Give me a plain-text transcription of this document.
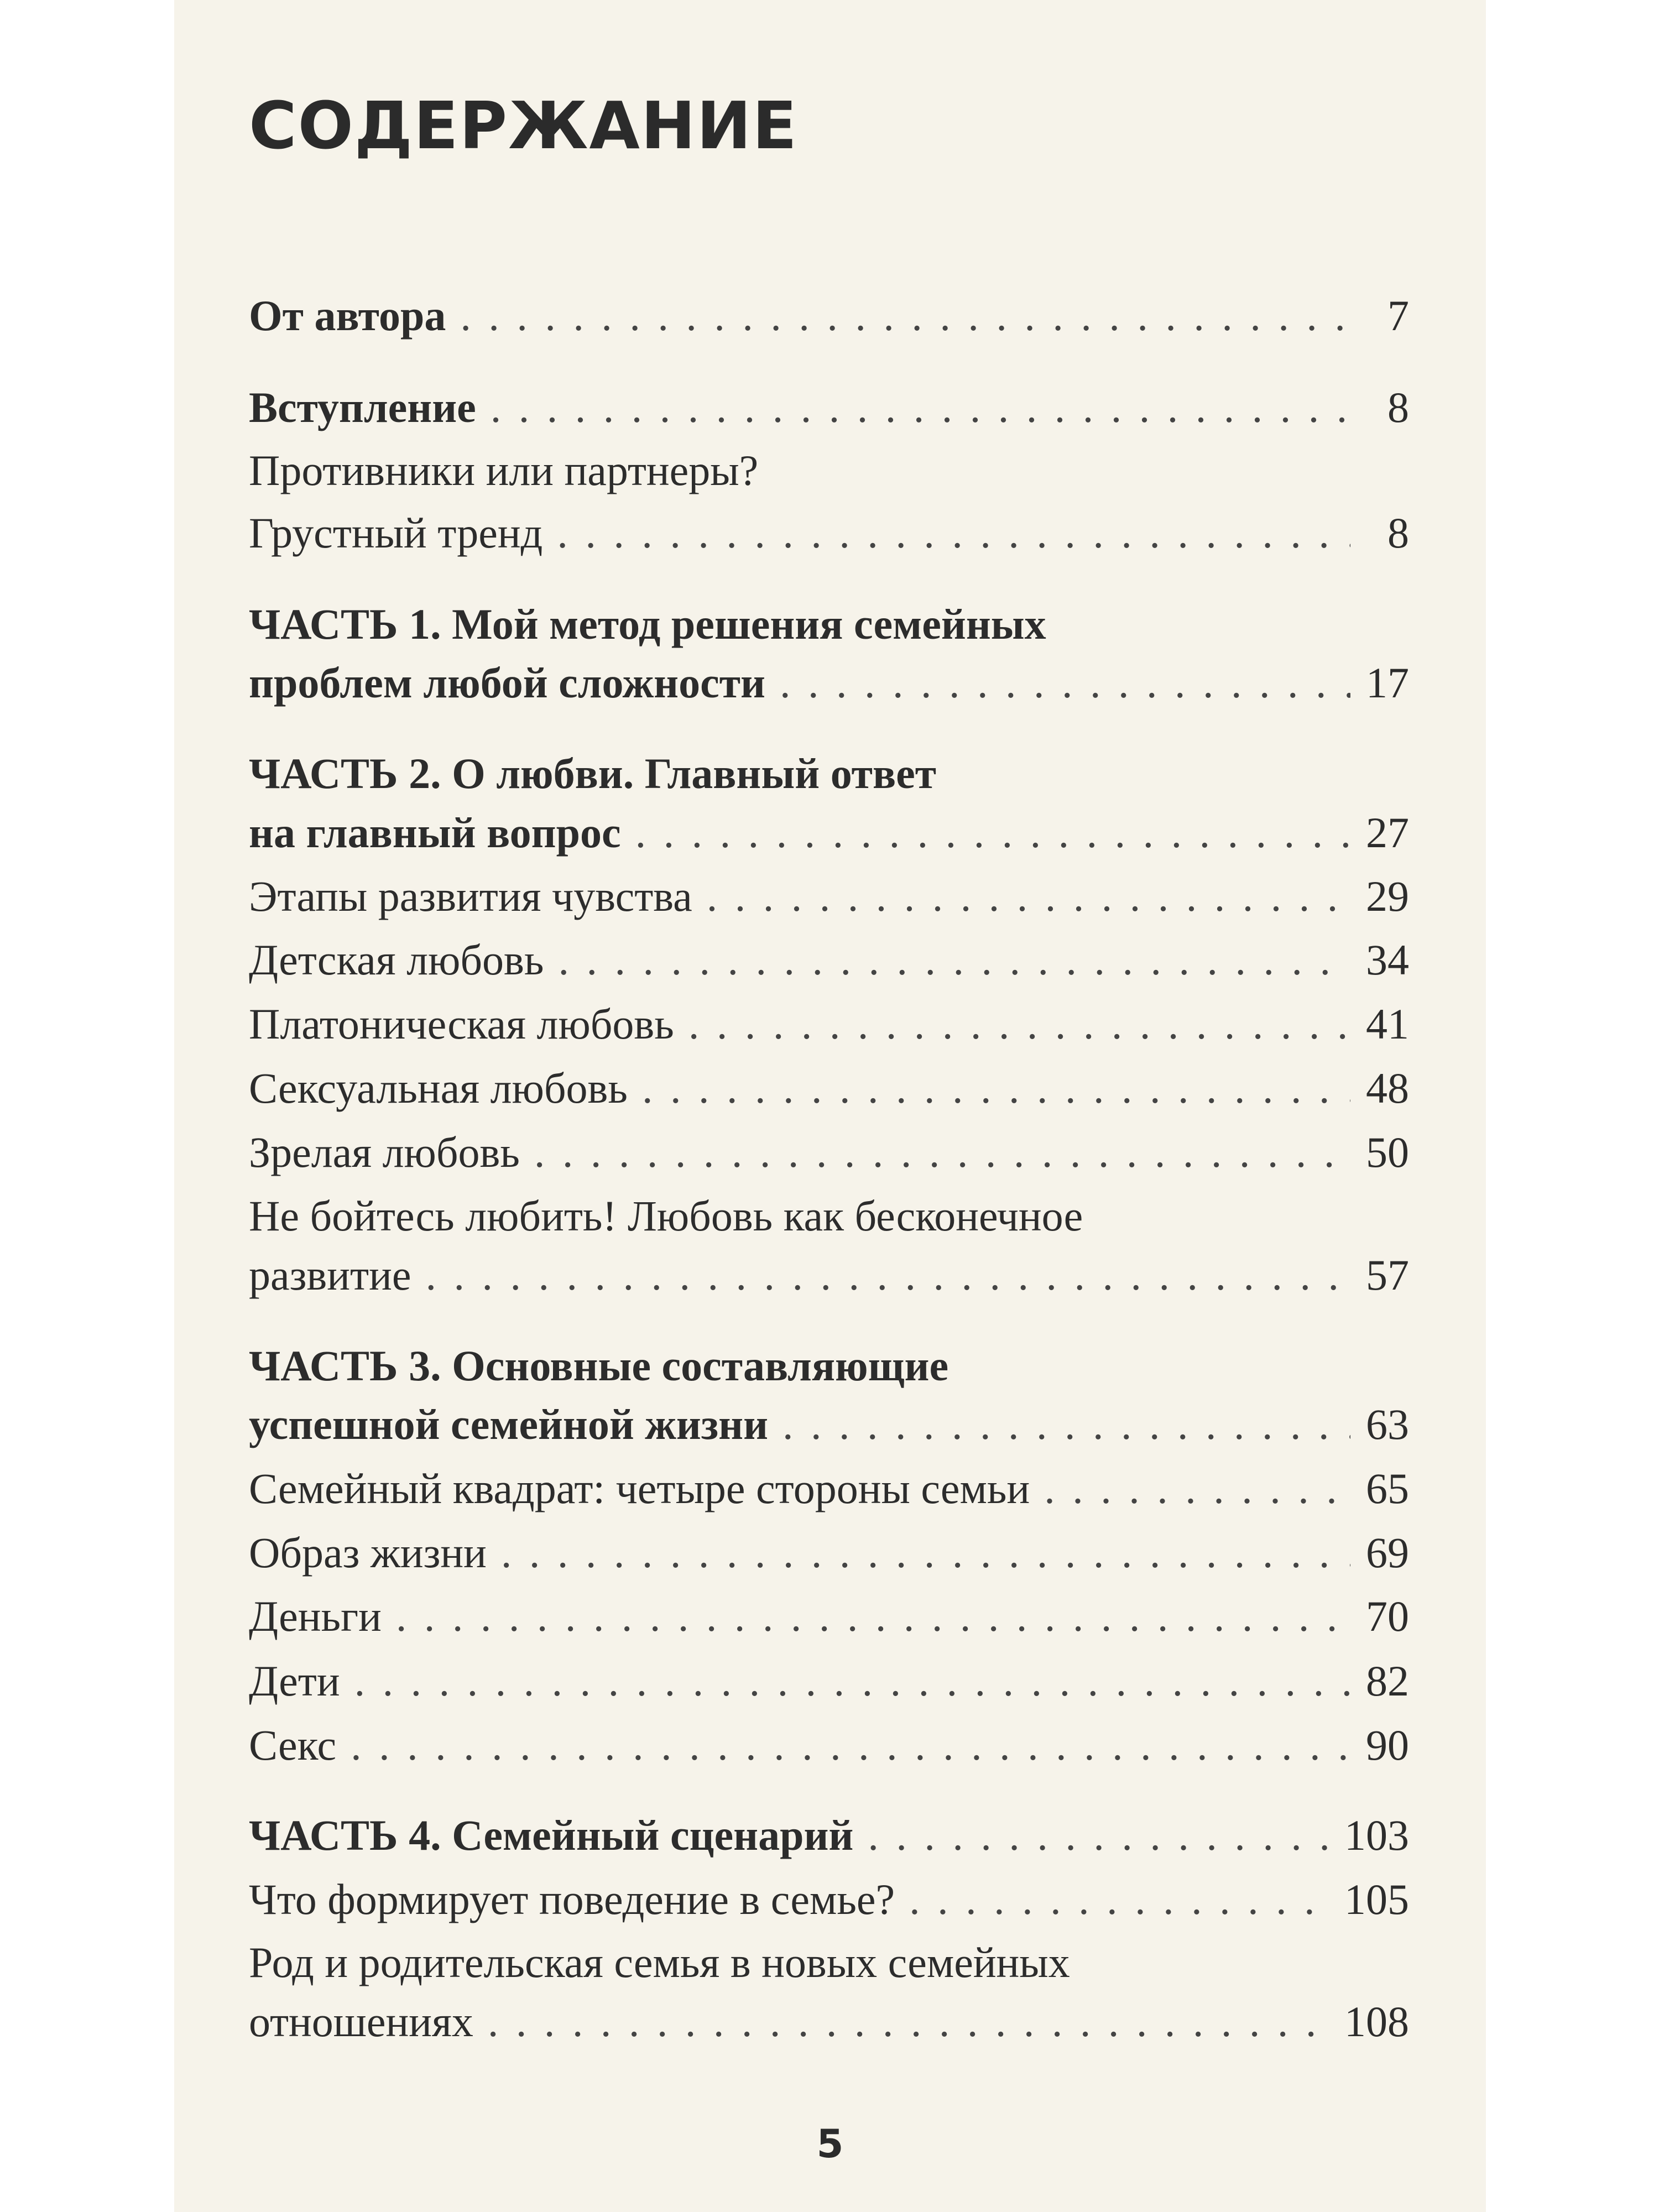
СОДЕРЖАНИЕ
От автора . . .	7
Вступление . . .	8
Противники или партнеры?
Грустный тренд . . .	8
ЧАСТЬ 1. Мой метод решения семейных
проблем любой сложности . . .	17
ЧАСТЬ 2. О любви. Главный ответ
на главный вопрос . . .	27
Этапы развития чувства . . .	29
Детская любовь . . .	34
Платоническая любовь . . .	41
Сексуальная любовь . . .	48
Зрелая любовь . . .	50
Не бойтесь любить! Любовь как бесконечное
развитие . . .	57
ЧАСТЬ 3. Основные составляющие
успешной семейной жизни . . .	63
Семейный квадрат: четыре стороны семьи . . .	65
Образ жизни . . .	69
Деньги . . .	70
Дети . . .	82
Секс . . .	90
ЧАСТЬ 4. Семейный сценарий . . .	103
Что формирует поведение в семье? . . .	105
Род и родительская семья в новых семейных
отношениях . . .	108
5
